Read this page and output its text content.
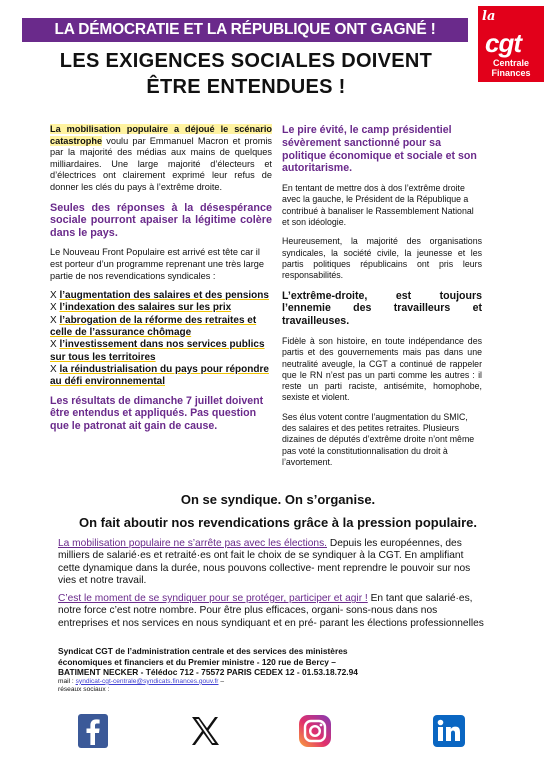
LA DÉMOCRATIE ET LA RÉPUBLIQUE ONT GAGNÉ !
la
cgt
Centrale
Finances
LES EXIGENCES SOCIALES DOIVENT
ÊTRE ENTENDUES !

La mobilisation populaire a déjoué le scénario catastrophe voulu par Emmanuel Macron et promis par la majorité des médias aux mains de quelques milliardaires. Une large majorité d’électeurs et d’électrices ont clairement exprimé leur refus de donner les clés du pays à l’extrême droite.

Seules des réponses à la désespérance sociale pourront apaiser la légitime colère dans le pays.

Le Nouveau Front Populaire est arrivé est tête car il est porteur d’un programme reprenant une très large partie de nos revendications syndicales :

X l’augmentation des salaires et des pensions
X l’indexation des salaires sur les prix
X l’abrogation de la réforme des retraites et celle de l’assurance chômage
X l’investissement dans nos services publics sur tous les territoires
X la réindustrialisation du pays pour répondre au défi environnemental

Les résultats de dimanche 7 juillet doivent être entendus et appliqués. Pas question que le patronat ait gain de cause.

Le pire évité, le camp présidentiel sévèrement sanctionné pour sa politique économique et sociale et son autoritarisme.

En tentant de mettre dos à dos l’extrême droite avec la gauche, le Président de la République a contribué à banaliser le Rassemblement National et son idéologie.

Heureusement, la majorité des organisations syndicales, la société civile, la jeunesse et les partis politiques républicains ont pris leurs responsabilités.

L’extrême-droite, est toujours l’ennemie des travailleurs et travailleuses.

Fidèle à son histoire, en toute indépendance des partis et des gouvernements mais pas dans une neutralité aveugle, la CGT a continué de rappeler que le RN n’est pas un parti comme les autres : il reste un parti raciste, antisémite, homophobe, sexiste et violent.

Ses élus votent contre l’augmentation du SMIC, des salaires et des petites retraites. Plusieurs dizaines de députés d’extrême droite n’ont même pas voté la constitutionnalisation du droit à l’avortement.

On se syndique. On s’organise.
On fait aboutir nos revendications grâce à la pression populaire.
La mobilisation populaire ne s’arrête pas avec les élections. Depuis les européennes, des milliers de salarié·es et retraité·es ont fait le choix de se syndiquer à la CGT. En amplifiant cette dynamique dans la durée, nous pouvons collective- ment reprendre le pouvoir sur nos vies et notre travail.
C’est le moment de se syndiquer pour se protéger, participer et agir ! En tant que salarié·es, notre force c’est notre nombre. Pour être plus efficaces, organi- sons-nous dans nos entreprises et nos services en nous syndiquant et en pré- parant les élections professionnelles
Syndicat CGT de l’administration centrale et des services des ministères
économiques et financiers et du Premier ministre - 120 rue de Bercy –
BATIMENT NECKER - Télédoc 712 - 75572 PARIS CEDEX 12 - 01.53.18.72.94
mail : syndicat-cgt-centrale@syndicats.finances.gouv.fr –
réseaux sociaux :
